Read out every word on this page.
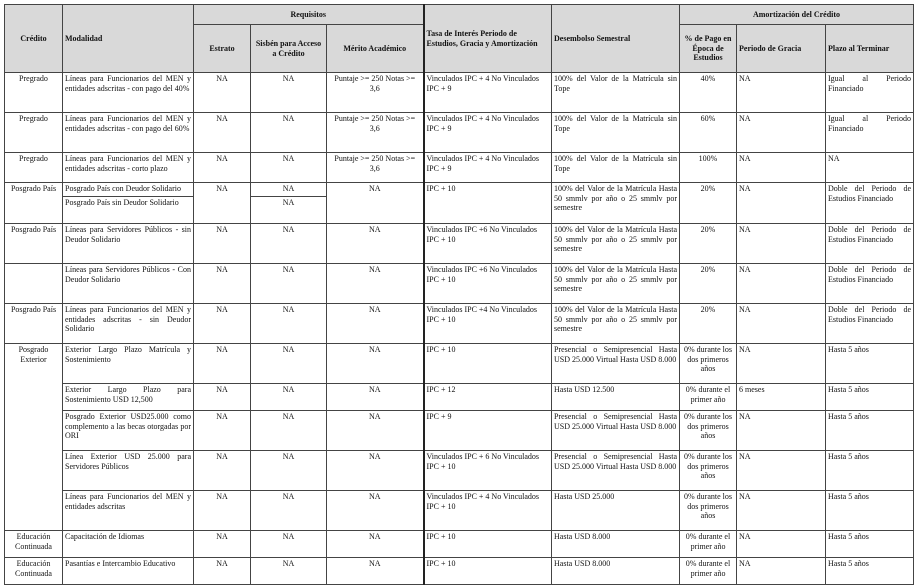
Crédito	Modalidad	Requisitos			Tasa de Interés Periodo de Estudios, Gracia y Amortización	Desembolso Semestral	Amortización del Crédito		
		Estrato	Sisbén para Acceso a Crédito	Mérito Académico			% de Pago en Época de Estudios	Periodo de Gracia	Plazo al Terminar
Pregrado	Líneas para Funcionarios del MEN y entidades adscritas - con pago del 40%	NA	NA	Puntaje >= 250 Notas >= 3,6	Vinculados IPC + 4 No Vinculados IPC + 9	100% del Valor de la Matrícula sin Tope	40%	NA	Igual al Periodo Financiado
Pregrado	Líneas para Funcionarios del MEN y entidades adscritas - con pago del 60%	NA	NA	Puntaje >= 250 Notas >= 3,6	Vinculados IPC + 4 No Vinculados IPC + 9	100% del Valor de la Matrícula sin Tope	60%	NA	Igual al Periodo Financiado
Pregrado	Líneas para Funcionarios del MEN y entidades adscritas - corto plazo	NA	NA	Puntaje >= 250 Notas >= 3,6	Vinculados IPC + 4 No Vinculados IPC + 9	100% del Valor de la Matrícula sin Tope	100%	NA	NA
Posgrado País	Posgrado País con Deudor Solidario	NA	NA	NA	IPC + 10	100% del Valor de la Matrícula Hasta 50 smmlv por año o 25 smmlv por semestre	20%	NA	Doble del Periodo de Estudios Financiado
	Posgrado País sin Deudor Solidario		NA						
Posgrado País	Líneas para Servidores Públicos - sin Deudor Solidario	NA	NA	NA	Vinculados IPC +6 No Vinculados IPC + 10	100% del Valor de la Matrícula Hasta 50 smmlv por año o 25 smmlv por semestre	20%	NA	Doble del Periodo de Estudios Financiado
	Líneas para Servidores Públicos - Con Deudor Solidario	NA	NA	NA	Vinculados IPC +6 No Vinculados IPC + 10	100% del Valor de la Matrícula Hasta 50 smmlv por año o 25 smmlv por semestre	20%	NA	Doble del Periodo de Estudios Financiado
Posgrado País	Líneas para Funcionarios del MEN y entidades adscritas - sin Deudor Solidario	NA	NA	NA	Vinculados IPC +4 No Vinculados IPC + 10	100% del Valor de la Matrícula Hasta 50 smmlv por año o 25 smmlv por semestre	20%	NA	Doble del Periodo de Estudios Financiado
Posgrado Exterior	Exterior Largo Plazo Matrícula y Sostenimiento	NA	NA	NA	IPC + 10	Presencial o Semipresencial Hasta USD 25.000 Virtual Hasta USD 8.000	0% durante los dos primeros años	NA	Hasta 5 años
	Exterior Largo Plazo para Sostenimiento USD 12,500	NA	NA	NA	IPC + 12	Hasta USD 12.500	0% durante el primer año	6 meses	Hasta 5 años
	Posgrado Exterior USD25.000 como complemento a las becas otorgadas por ORI	NA	NA	NA	IPC + 9	Presencial o Semipresencial Hasta USD 25.000 Virtual Hasta USD 8.000	0% durante los dos primeros años	NA	Hasta 5 años
	Línea Exterior USD 25.000 para Servidores Públicos	NA	NA	NA	Vinculados IPC + 6 No Vinculados IPC + 10	Presencial o Semipresencial Hasta USD 25.000 Virtual Hasta USD 8.000	0% durante los dos primeros años	NA	Hasta 5 años
	Líneas para Funcionarios del MEN y entidades adscritas	NA	NA	NA	Vinculados IPC + 4 No Vinculados IPC + 10	Hasta USD 25.000	0% durante los dos primeros años	NA	Hasta 5 años
Educación Continuada	Capacitación de Idiomas	NA	NA	NA	IPC + 10	Hasta USD 8.000	0% durante el primer año	NA	Hasta 5 años
Educación Continuada	Pasantías e Intercambio Educativo	NA	NA	NA	IPC + 10	Hasta USD 8.000	0% durante el primer año	NA	Hasta 5 años
